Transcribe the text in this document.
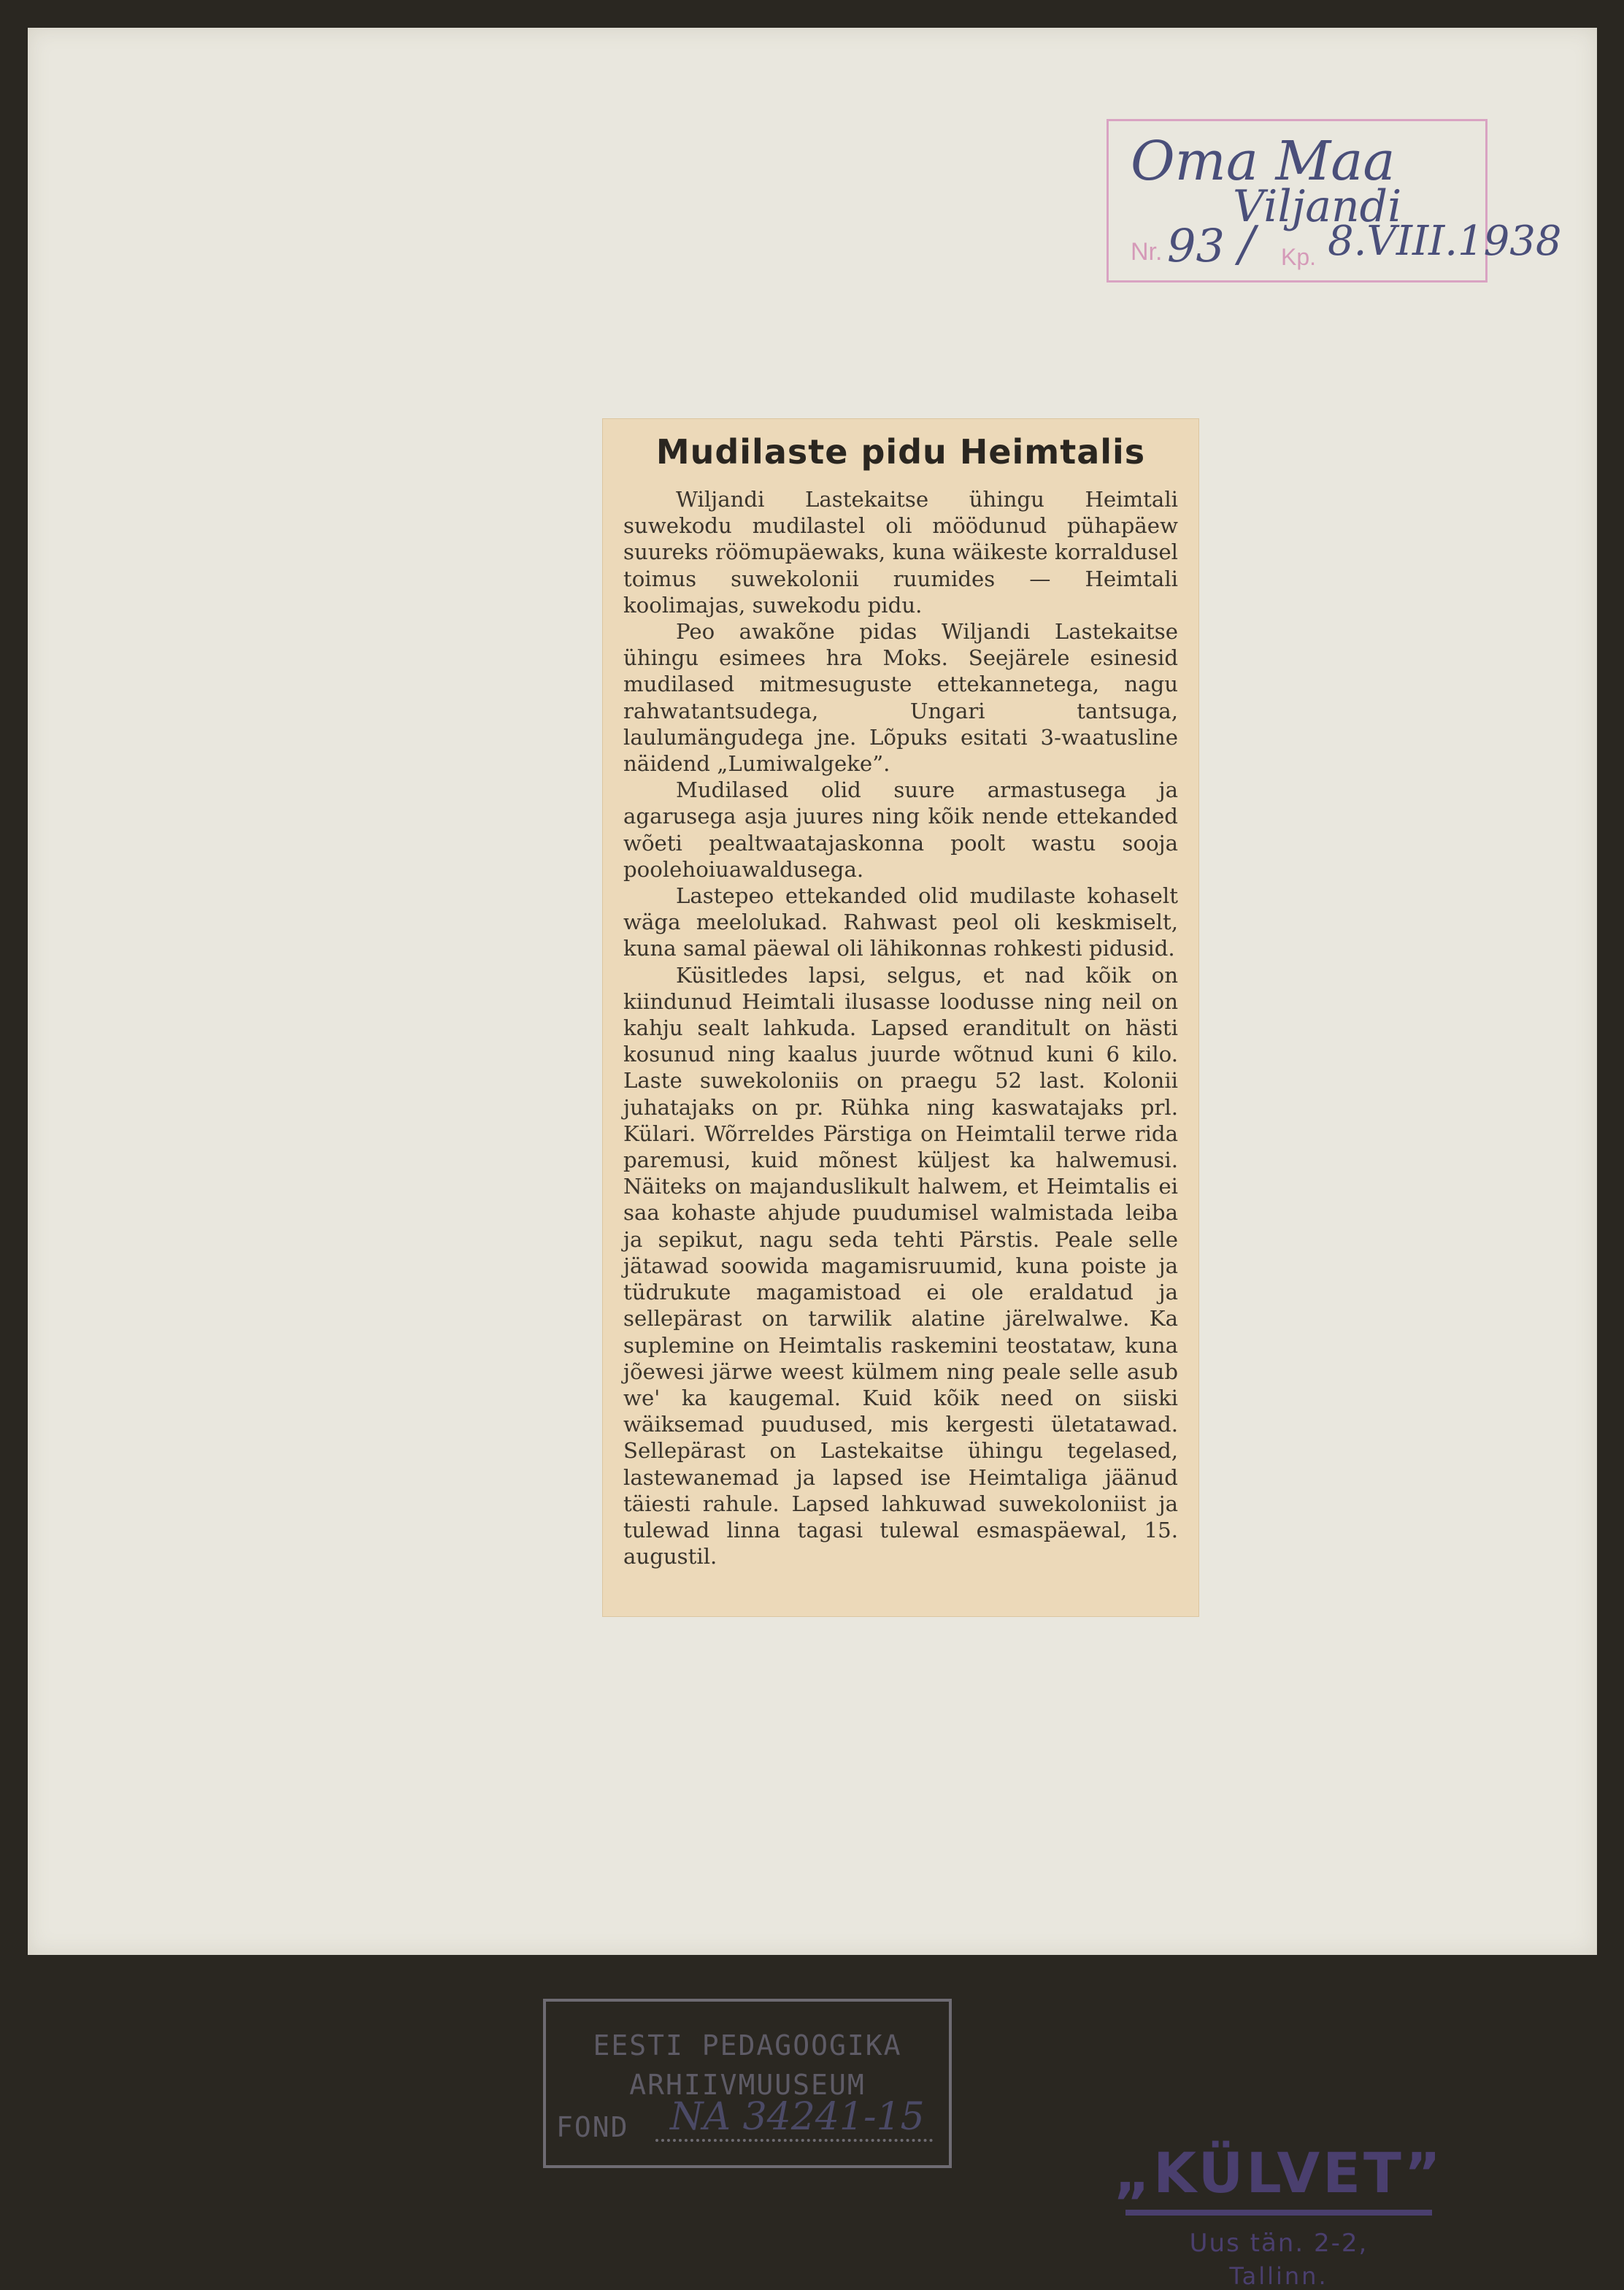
Oma Maa
Viljandi
Nr. 93 / Kp. 8.VIII.1938
Mudilaste pidu Heimtalis

Wiljandi Lastekaitse ühingu Heimtali suwekodu mudilastel oli möödunud pühapäew suureks röömupäewaks, kuna wäikeste korraldusel toimus suwekolonii ruumides — Heimtali koolimajas, suwekodu pidu.

Peo awakõne pidas Wiljandi Lastekaitse ühingu esimees hra Moks. Seejärele esinesid mudilased mitmesuguste ettekannetega, nagu rahwatantsudega, Ungari tantsuga, laulumängudega jne. Lõpuks esitati 3-waatusline näidend „Lumiwalgeke”.

Mudilased olid suure armastusega ja agarusega asja juures ning kõik nende ettekanded wõeti pealtwaatajaskonna poolt wastu sooja poolehoiuawaldusega.

Lastepeo ettekanded olid mudilaste kohaselt wäga meelolukad. Rahwast peol oli keskmiselt, kuna samal päewal oli lähikonnas rohkesti pidusid.

Küsitledes lapsi, selgus, et nad kõik on kiindunud Heimtali ilusasse loodusse ning neil on kahju sealt lahkuda. Lapsed eranditult on hästi kosunud ning kaalus juurde wõtnud kuni 6 kilo. Laste suwekoloniis on praegu 52 last. Kolonii juhatajaks on pr. Rühka ning kaswatajaks prl. Külari. Wõrreldes Pärstiga on Heimtalil terwe rida paremusi, kuid mõnest küljest ka halwemusi. Näiteks on majanduslikult halwem, et Heimtalis ei saa kohaste ahjude puudumisel walmistada leiba ja sepikut, nagu seda tehti Pärstis. Peale selle jätawad soowida magamisruumid, kuna poiste ja tüdrukute magamistoad ei ole eraldatud ja sellepärast on tarwilik alatine järelwalwe. Ka suplemine on Heimtalis raskemini teostataw, kuna jõewesi järwe weest külmem ning peale selle asub we' ka kaugemal. Kuid kõik need on siiski wäiksemad puudused, mis kergesti ületatawad. Sellepärast on Lastekaitse ühingu tegelased, lastewanemad ja lapsed ise Heimtaliga jäänud täiesti rahule. Lapsed lahkuwad suwekoloniist ja tulewad linna tagasi tulewal esmaspäewal, 15. augustil.

EESTI PEDAGOOGIKA
ARHIIVMUUSEUM
FOND NA 34241-15
„KÜLVET”
Uus tän. 2-2,
Tallinn.
